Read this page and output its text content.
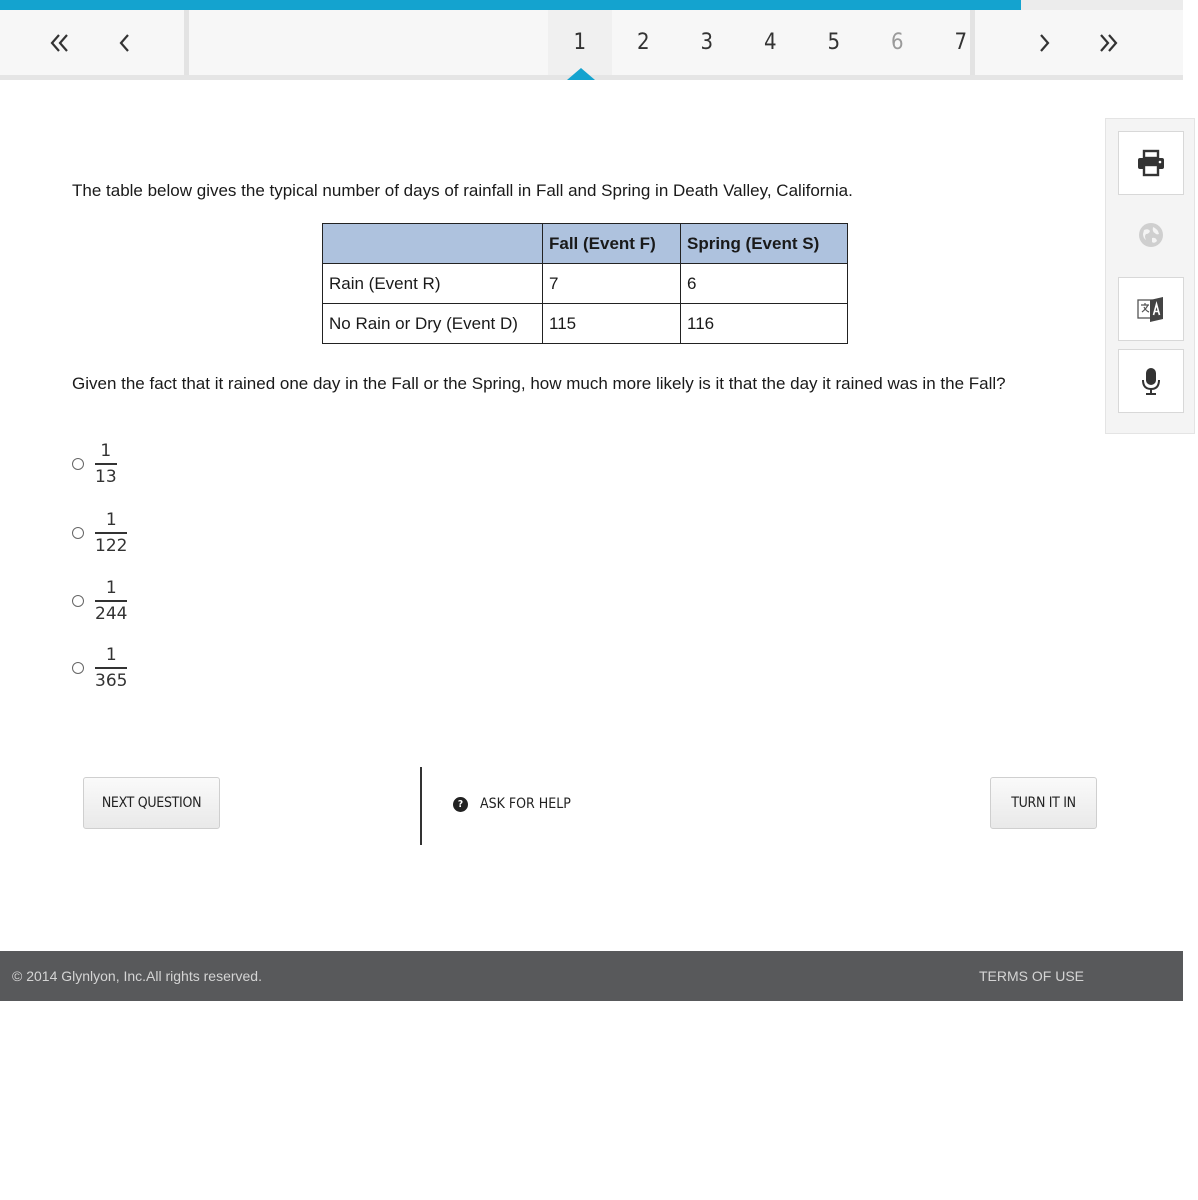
1	2	3	4	5	6	7
The table below gives the typical number of days of rainfall in Fall and Spring in Death Valley, California.
	Fall (Event F)	Spring (Event S)
Rain (Event R)	7	6
No Rain or Dry (Event D)	115	116
Given the fact that it rained one day in the Fall or the Spring, how much more likely is it that the day it rained was in the Fall?
$\frac{1}{13}$
$\frac{1}{122}$
$\frac{1}{244}$
$\frac{1}{365}$
NEXT QUESTION	?	ASK FOR HELP	TURN IT IN
© 2014 Glynlyon, Inc.All rights reserved.	TERMS OF USE
